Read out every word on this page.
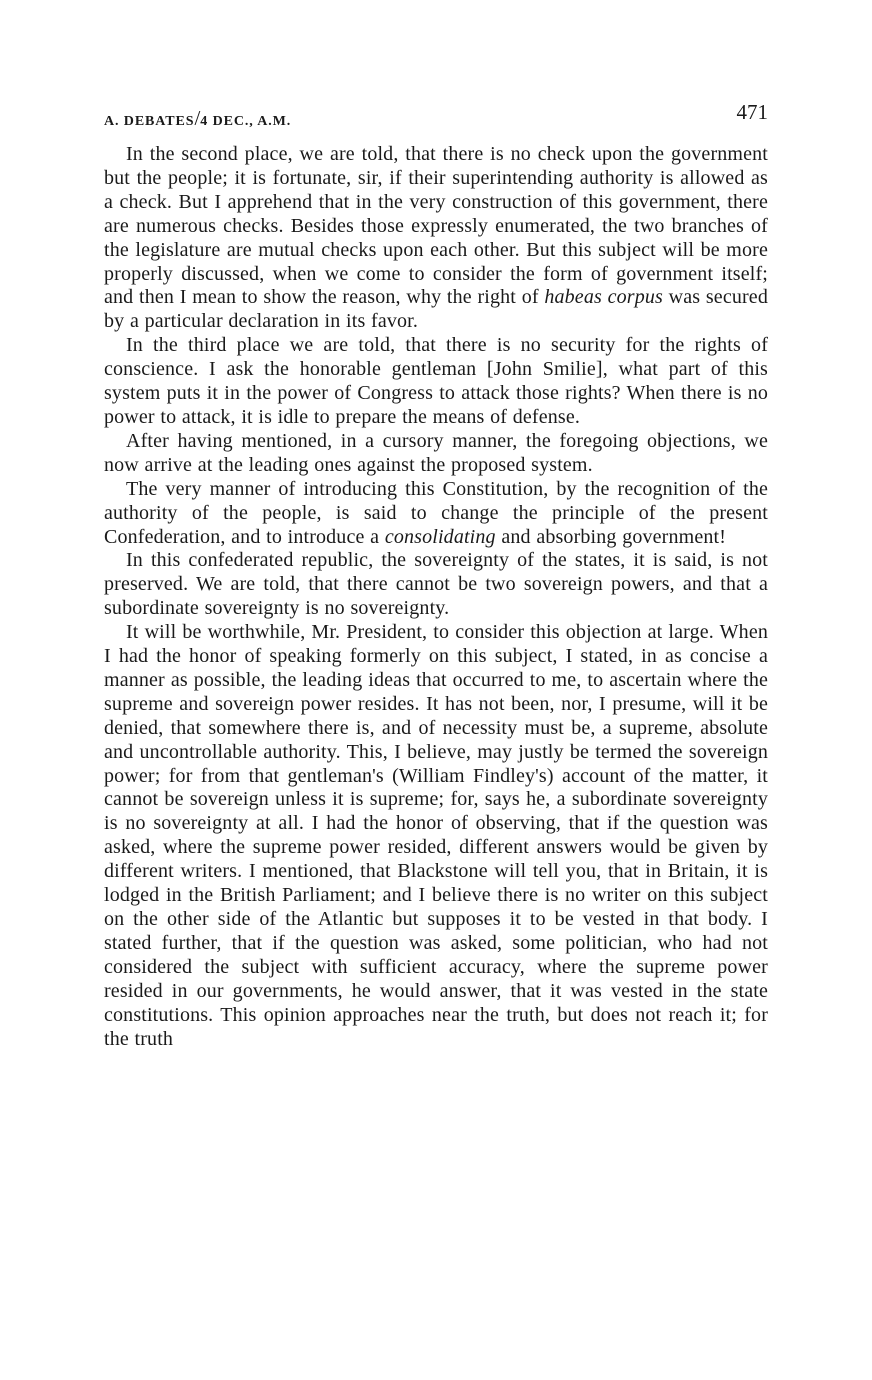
A. DEBATES/4 DEC., A.M.	471

In the second place, we are told, that there is no check upon the government but the people; it is fortunate, sir, if their superintending authority is allowed as a check. But I apprehend that in the very construction of this government, there are numerous checks. Besides those expressly enumerated, the two branches of the legislature are mutual checks upon each other. But this subject will be more properly discussed, when we come to consider the form of government itself; and then I mean to show the reason, why the right of habeas corpus was secured by a particular declaration in its favor.

In the third place we are told, that there is no security for the rights of conscience. I ask the honorable gentleman [John Smilie], what part of this system puts it in the power of Congress to attack those rights? When there is no power to attack, it is idle to prepare the means of defense.

After having mentioned, in a cursory manner, the foregoing objections, we now arrive at the leading ones against the proposed system.

The very manner of introducing this Constitution, by the recognition of the authority of the people, is said to change the principle of the present Confederation, and to introduce a consolidating and absorbing government!

In this confederated republic, the sovereignty of the states, it is said, is not preserved. We are told, that there cannot be two sovereign powers, and that a subordinate sovereignty is no sovereignty.

It will be worthwhile, Mr. President, to consider this objection at large. When I had the honor of speaking formerly on this subject, I stated, in as concise a manner as possible, the leading ideas that occurred to me, to ascertain where the supreme and sovereign power resides. It has not been, nor, I presume, will it be denied, that somewhere there is, and of necessity must be, a supreme, absolute and uncontrollable authority. This, I believe, may justly be termed the sovereign power; for from that gentleman's (William Findley's) account of the matter, it cannot be sovereign unless it is supreme; for, says he, a subordinate sovereignty is no sovereignty at all. I had the honor of observing, that if the question was asked, where the supreme power resided, different answers would be given by different writers. I mentioned, that Blackstone will tell you, that in Britain, it is lodged in the British Parliament; and I believe there is no writer on this subject on the other side of the Atlantic but supposes it to be vested in that body. I stated further, that if the question was asked, some politician, who had not considered the subject with sufficient accuracy, where the supreme power resided in our governments, he would answer, that it was vested in the state constitutions. This opinion approaches near the truth, but does not reach it; for the truth
